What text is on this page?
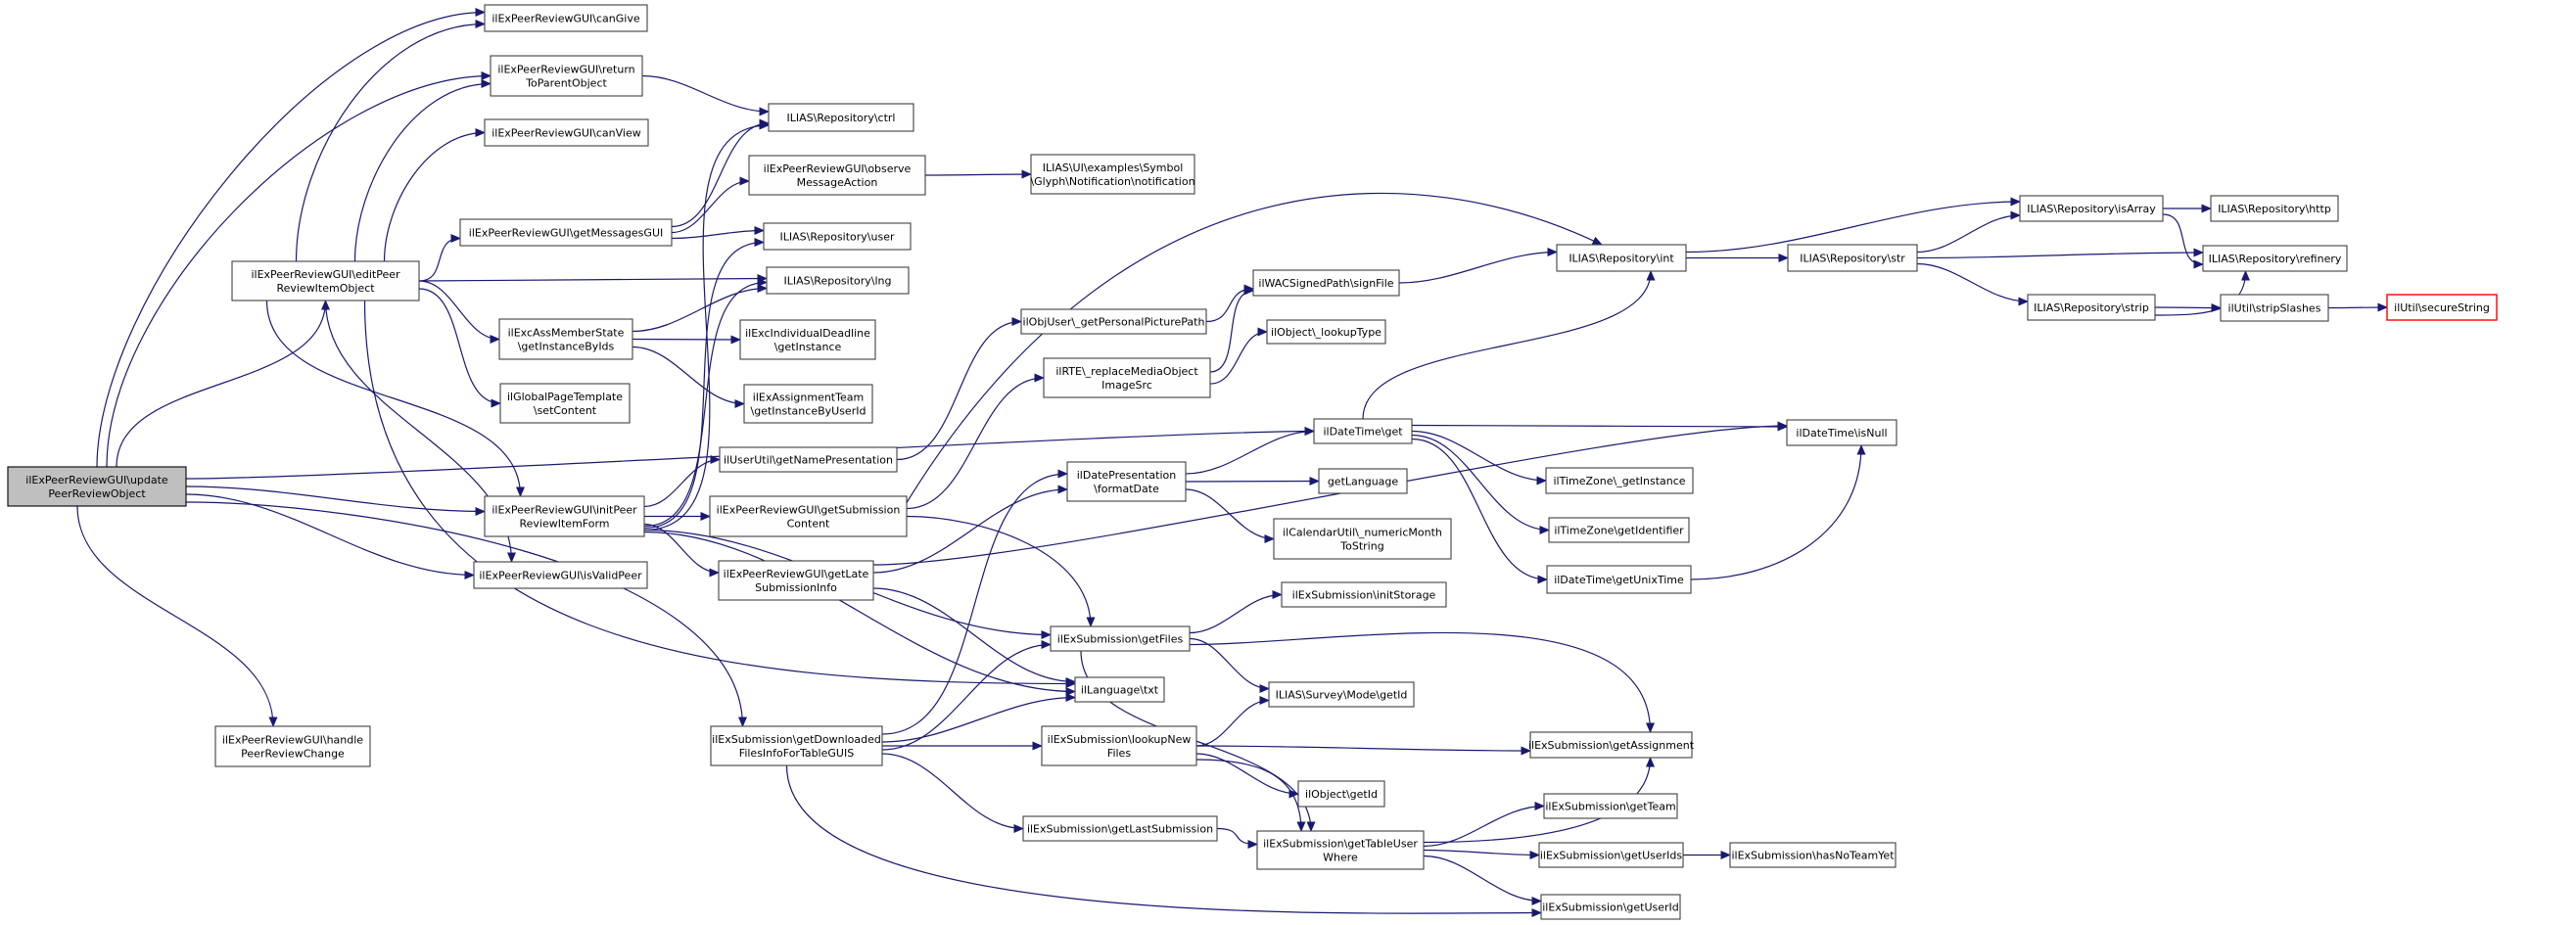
ilExPeerReviewGUI\update PeerReviewObject
ilExPeerReviewGUI\editPeer ReviewItemObject
ilExPeerReviewGUI\handle PeerReviewChange
ilExPeerReviewGUI\canGive
ilExPeerReviewGUI\return ToParentObject
ilExPeerReviewGUI\canView
ilExPeerReviewGUI\getMessagesGUI
ilExcAssMemberState \getInstanceByIds
ilGlobalPageTemplate \setContent
ilExPeerReviewGUI\initPeer ReviewItemForm
ilExPeerReviewGUI\isValidPeer
ilExSubmission\getDownloaded FilesInfoForTableGUIS
ILIAS\Repository\ctrl
ilExPeerReviewGUI\observe MessageAction
ILIAS\Repository\user
ILIAS\Repository\lng
ilExcIndividualDeadline \getInstance
ilExAssignmentTeam \getInstanceByUserId
ilUserUtil\getNamePresentation
ilExPeerReviewGUI\getSubmission Content
ilExPeerReviewGUI\getLate SubmissionInfo
ILIAS\UI\examples\Symbol \Glyph\Notification\notification
ilObjUser\_getPersonalPicturePath
ilWACSignedPath\signFile
ilObject\_lookupType
ilRTE\_replaceMediaObject ImageSrc
ilDatePresentation \formatDate
ilDateTime\get
getLanguage
ilCalendarUtil\_numericMonth ToString
ilExSubmission\initStorage
ilExSubmission\getFiles
ilLanguage\txt	ILIAS\Survey\Mode\getId
ilExSubmission\lookupNew Files
ilObject\getId
ilExSubmission\getLastSubmission
ilExSubmission\getTableUser Where
ILIAS\Repository\int	ILIAS\Repository\str
ilDateTime\isNull
ilTimeZone\_getInstance
ilTimeZone\getIdentifier
ilDateTime\getUnixTime
ilExSubmission\getAssignment
ilExSubmission\getTeam
ilExSubmission\getUserIds	ilExSubmission\hasNoTeamYet
ilExSubmission\getUserId
ILIAS\Repository\isArray	ILIAS\Repository\http
ILIAS\Repository\refinery
ILIAS\Repository\strip	ilUtil\stripSlashes	ilUtil\secureString
